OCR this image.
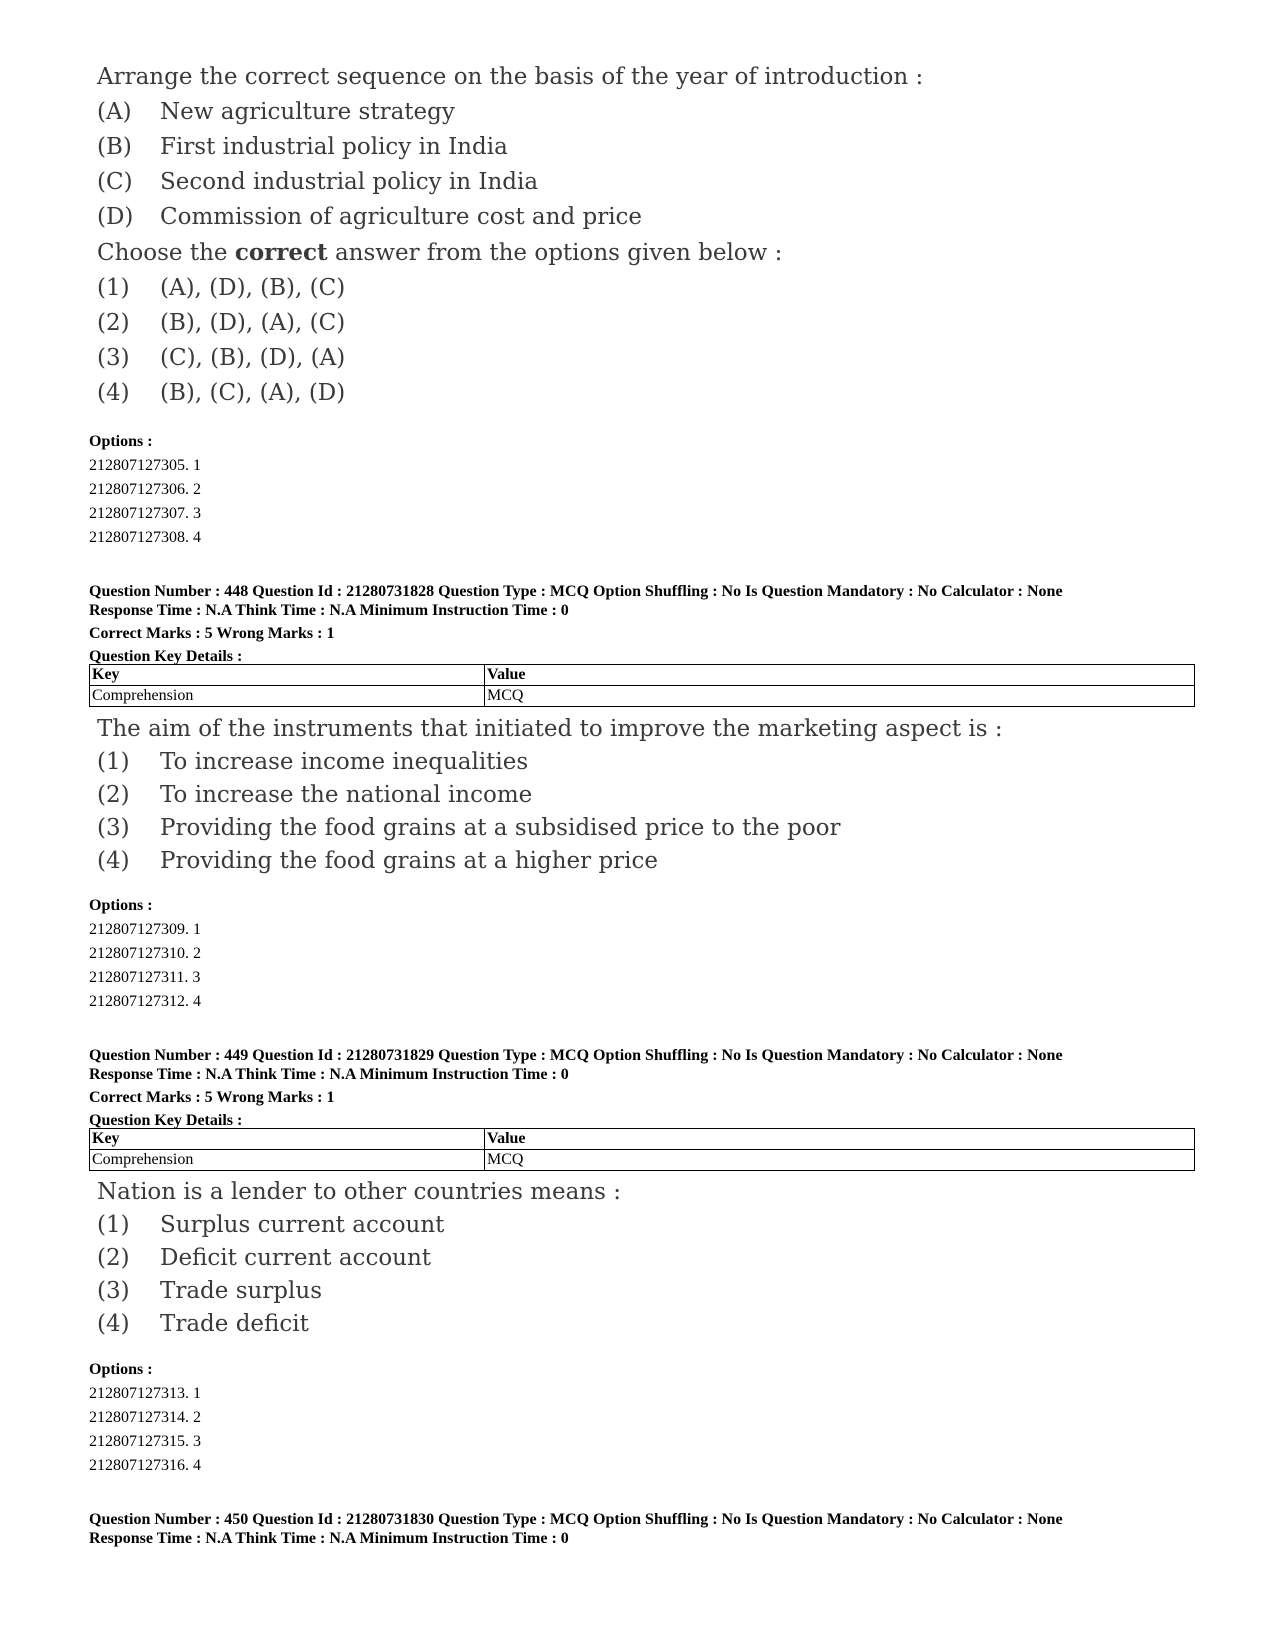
Arrange the correct sequence on the basis of the year of introduction :
(A)	New agriculture strategy
(B)	First industrial policy in India
(C)	Second industrial policy in India
(D)	Commission of agriculture cost and price
Choose the correct answer from the options given below :
(1)	(A), (D), (B), (C)
(2)	(B), (D), (A), (C)
(3)	(C), (B), (D), (A)
(4)	(B), (C), (A), (D)
Options :
212807127305. 1
212807127306. 2
212807127307. 3
212807127308. 4
Question Number : 448 Question Id : 21280731828 Question Type : MCQ Option Shuffling : No Is Question Mandatory : No Calculator : None
Response Time : N.A Think Time : N.A Minimum Instruction Time : 0
Correct Marks : 5 Wrong Marks : 1
Question Key Details :
Key	Value
Comprehension	MCQ
The aim of the instruments that initiated to improve the marketing aspect is :
(1)	To increase income inequalities
(2)	To increase the national income
(3)	Providing the food grains at a subsidised price to the poor
(4)	Providing the food grains at a higher price
Options :
212807127309. 1
212807127310. 2
212807127311. 3
212807127312. 4
Question Number : 449 Question Id : 21280731829 Question Type : MCQ Option Shuffling : No Is Question Mandatory : No Calculator : None
Response Time : N.A Think Time : N.A Minimum Instruction Time : 0
Correct Marks : 5 Wrong Marks : 1
Question Key Details :
Key	Value
Comprehension	MCQ
Nation is a lender to other countries means :
(1)	Surplus current account
(2)	Deficit current account
(3)	Trade surplus
(4)	Trade deficit
Options :
212807127313. 1
212807127314. 2
212807127315. 3
212807127316. 4
Question Number : 450 Question Id : 21280731830 Question Type : MCQ Option Shuffling : No Is Question Mandatory : No Calculator : None
Response Time : N.A Think Time : N.A Minimum Instruction Time : 0
